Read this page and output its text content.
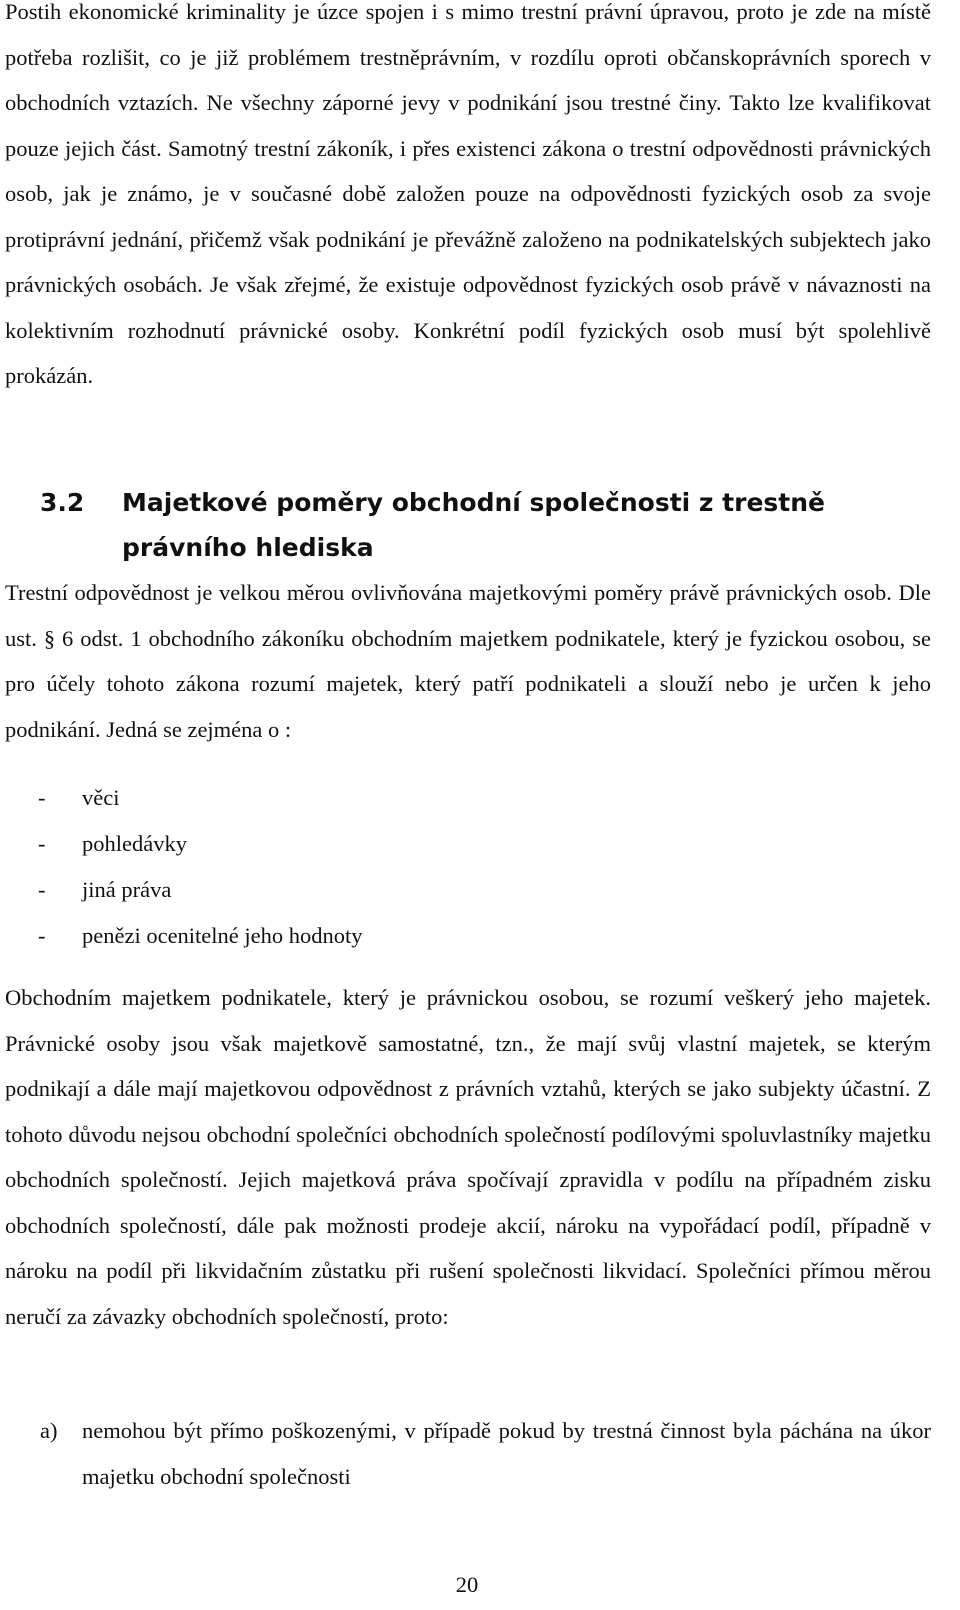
Postih ekonomické kriminality je úzce spojen i s mimo trestní právní úpravou, proto je zde na místě potřeba rozlišit, co je již problémem trestněprávním, v rozdílu oproti občanskoprávních sporech v obchodních vztazích. Ne všechny záporné jevy v podnikání jsou trestné činy. Takto lze kvalifikovat pouze jejich část. Samotný trestní zákoník, i přes existenci zákona o trestní odpovědnosti právnických osob, jak je známo, je v současné době založen pouze na odpovědnosti fyzických osob za svoje protiprávní jednání, přičemž však podnikání je převážně založeno na podnikatelských subjektech jako právnických osobách. Je však zřejmé, že existuje odpovědnost fyzických osob právě v návaznosti na kolektivním rozhodnutí právnické osoby. Konkrétní podíl fyzických osob musí být spolehlivě prokázán.

3.2 Majetkové poměry obchodní společnosti z trestně právního hlediska

Trestní odpovědnost je velkou měrou ovlivňována majetkovými poměry právě právnických osob. Dle ust. § 6 odst. 1 obchodního zákoníku obchodním majetkem podnikatele, který je fyzickou osobou, se pro účely tohoto zákona rozumí majetek, který patří podnikateli a slouží nebo je určen k jeho podnikání. Jedná se zejména o :

- věci
- pohledávky
- jiná práva
- penězi ocenitelné jeho hodnoty

Obchodním majetkem podnikatele, který je právnickou osobou, se rozumí veškerý jeho majetek. Právnické osoby jsou však majetkově samostatné, tzn., že mají svůj vlastní majetek, se kterým podnikají a dále mají majetkovou odpovědnost z právních vztahů, kterých se jako subjekty účastní. Z tohoto důvodu nejsou obchodní společníci obchodních společností podílovými spoluvlastníky majetku obchodních společností. Jejich majetková práva spočívají zpravidla v podílu na případném zisku obchodních společností, dále pak možnosti prodeje akcií, nároku na vypořádací podíl, případně v nároku na podíl při likvidačním zůstatku při rušení společnosti likvidací. Společníci přímou měrou neručí za závazky obchodních společností, proto:

a) nemohou být přímo poškozenými, v případě pokud by trestná činnost byla páchána na úkor majetku obchodní společnosti

20
